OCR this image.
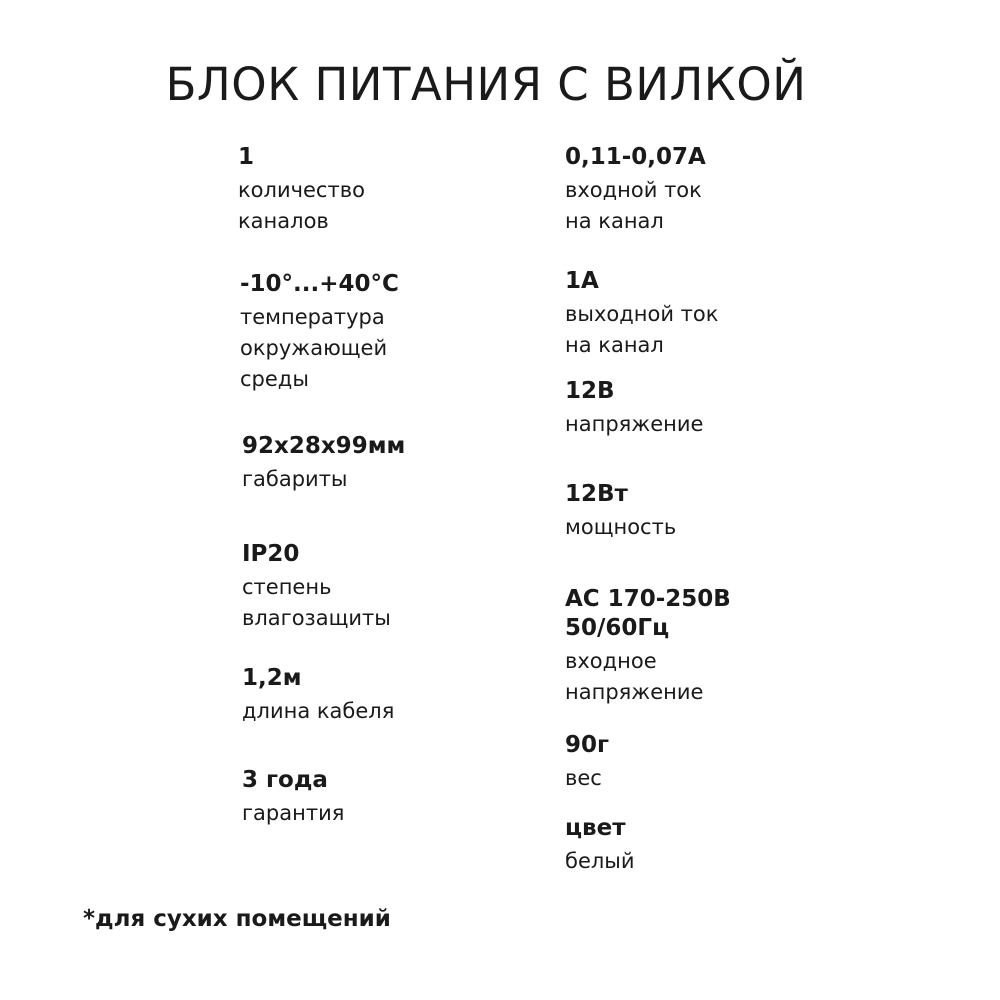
БЛОК ПИТАНИЯ С ВИЛКОЙ
1
количество
каналов
-10°...+40°C
температура
окружающей
среды
92х28х99мм
габариты
IP20
степень
влагозащиты
1,2м
длина кабеля
3 года
гарантия
0,11-0,07А
входной ток
на канал
1А
выходной ток
на канал
12В
напряжение
12Вт
мощность
AC 170-250В
50/60Гц
входное
напряжение
90г
вес
цвет
белый
*для сухих помещений
